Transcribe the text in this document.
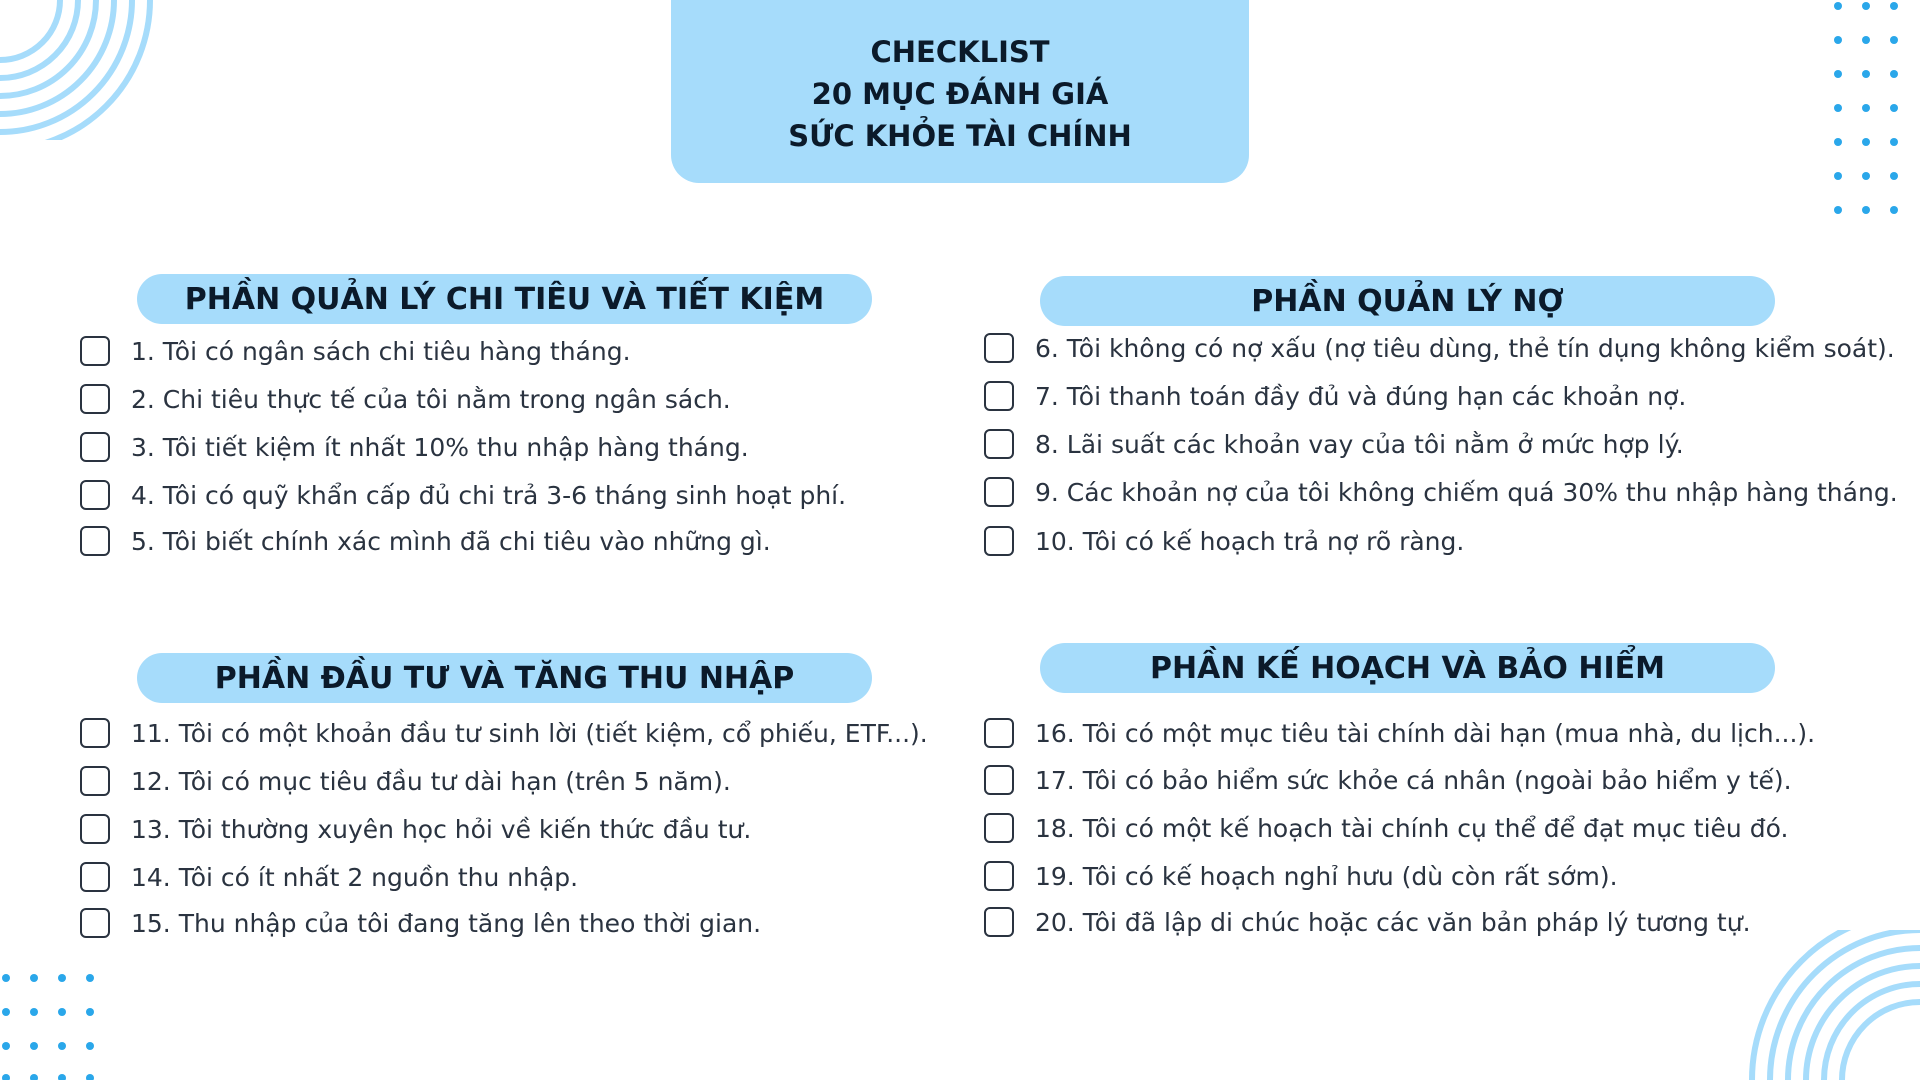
CHECKLIST
20 MỤC ĐÁNH GIÁ
SỨC KHỎE TÀI CHÍNH
PHẦN QUẢN LÝ CHI TIÊU VÀ TIẾT KIỆM
1. Tôi có ngân sách chi tiêu hàng tháng.
2. Chi tiêu thực tế của tôi nằm trong ngân sách.
3. Tôi tiết kiệm ít nhất 10% thu nhập hàng tháng.
4. Tôi có quỹ khẩn cấp đủ chi trả 3-6 tháng sinh hoạt phí.
5. Tôi biết chính xác mình đã chi tiêu vào những gì.
PHẦN QUẢN LÝ NỢ
6. Tôi không có nợ xấu (nợ tiêu dùng, thẻ tín dụng không kiểm soát).
7. Tôi thanh toán đầy đủ và đúng hạn các khoản nợ.
8. Lãi suất các khoản vay của tôi nằm ở mức hợp lý.
9. Các khoản nợ của tôi không chiếm quá 30% thu nhập hàng tháng.
10. Tôi có kế hoạch trả nợ rõ ràng.
PHẦN ĐẦU TƯ VÀ TĂNG THU NHẬP
11. Tôi có một khoản đầu tư sinh lời (tiết kiệm, cổ phiếu, ETF...).
12. Tôi có mục tiêu đầu tư dài hạn (trên 5 năm).
13. Tôi thường xuyên học hỏi về kiến thức đầu tư.
14. Tôi có ít nhất 2 nguồn thu nhập.
15. Thu nhập của tôi đang tăng lên theo thời gian.
PHẦN KẾ HOẠCH VÀ BẢO HIỂM
16. Tôi có một mục tiêu tài chính dài hạn (mua nhà, du lịch...).
17. Tôi có bảo hiểm sức khỏe cá nhân (ngoài bảo hiểm y tế).
18. Tôi có một kế hoạch tài chính cụ thể để đạt mục tiêu đó.
19. Tôi có kế hoạch nghỉ hưu (dù còn rất sớm).
20. Tôi đã lập di chúc hoặc các văn bản pháp lý tương tự.
